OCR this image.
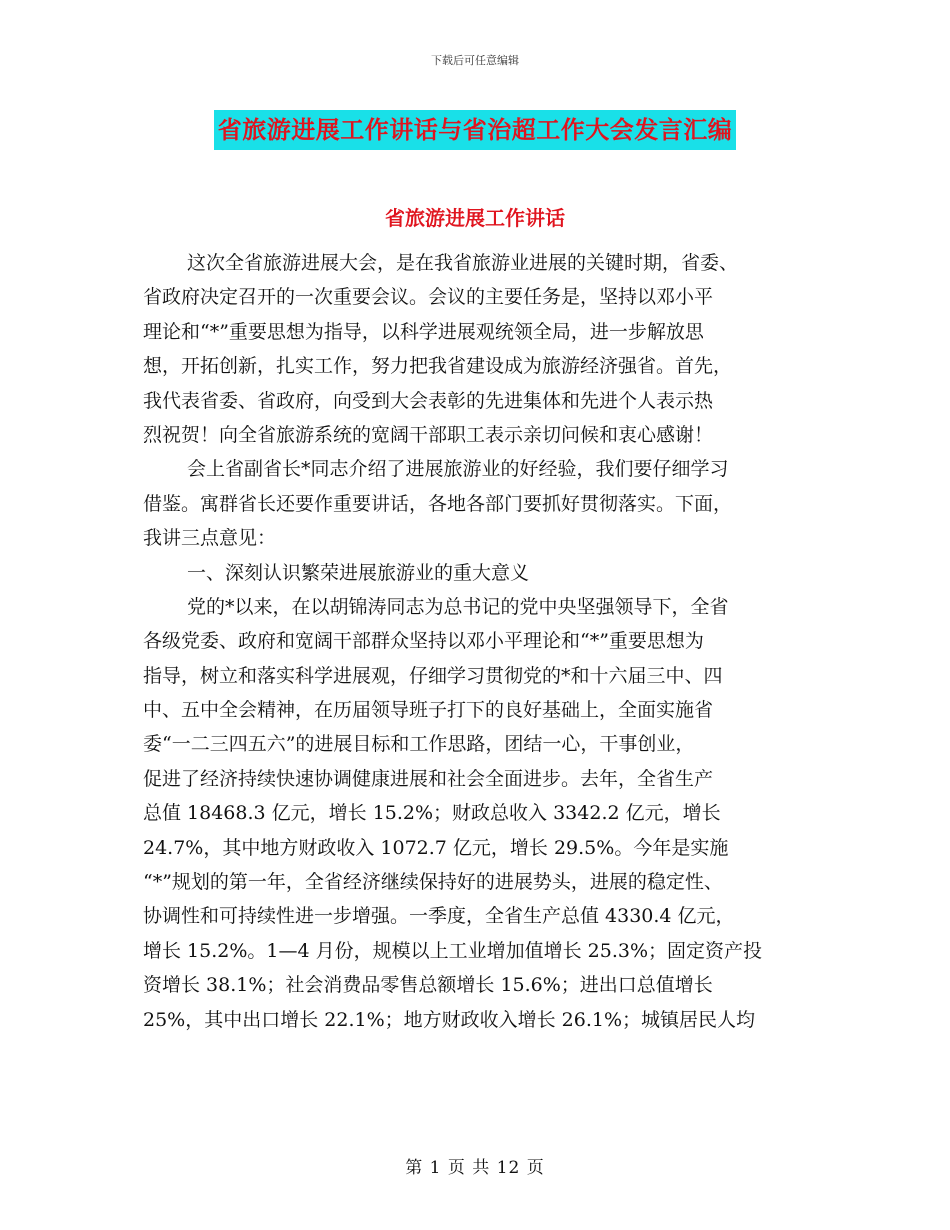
下载后可任意编辑
省旅游进展工作讲话与省治超工作大会发言汇编
省旅游进展工作讲话
这次全省旅游进展大会，是在我省旅游业进展的关键时期，省委、
省政府决定召开的一次重要会议。会议的主要任务是，坚持以邓小平
理论和“*”重要思想为指导，以科学进展观统领全局，进一步解放思
想，开拓创新，扎实工作，努力把我省建设成为旅游经济强省。首先，
我代表省委、省政府，向受到大会表彰的先进集体和先进个人表示热
烈祝贺！向全省旅游系统的宽阔干部职工表示亲切问候和衷心感谢！
会上省副省长*同志介绍了进展旅游业的好经验，我们要仔细学习
借鉴。寓群省长还要作重要讲话，各地各部门要抓好贯彻落实。下面，
我讲三点意见：
一、深刻认识繁荣进展旅游业的重大意义
党的*以来，在以胡锦涛同志为总书记的党中央坚强领导下，全省
各级党委、政府和宽阔干部群众坚持以邓小平理论和“*”重要思想为
指导，树立和落实科学进展观，仔细学习贯彻党的*和十六届三中、四
中、五中全会精神，在历届领导班子打下的良好基础上，全面实施省
委“一二三四五六”的进展目标和工作思路，团结一心，干事创业，
促进了经济持续快速协调健康进展和社会全面进步。去年，全省生产
总值 18468.3 亿元，增长 15.2%；财政总收入 3342.2 亿元，增长
24.7%，其中地方财政收入 1072.7 亿元，增长 29.5%。今年是实施
“*”规划的第一年，全省经济继续保持好的进展势头，进展的稳定性、
协调性和可持续性进一步增强。一季度，全省生产总值 4330.4 亿元，
增长 15.2%。1—4 月份，规模以上工业增加值增长 25.3%；固定资产投
资增长 38.1%；社会消费品零售总额增长 15.6%；进出口总值增长
25%，其中出口增长 22.1%；地方财政收入增长 26.1%；城镇居民人均
第 1 页 共 12 页
